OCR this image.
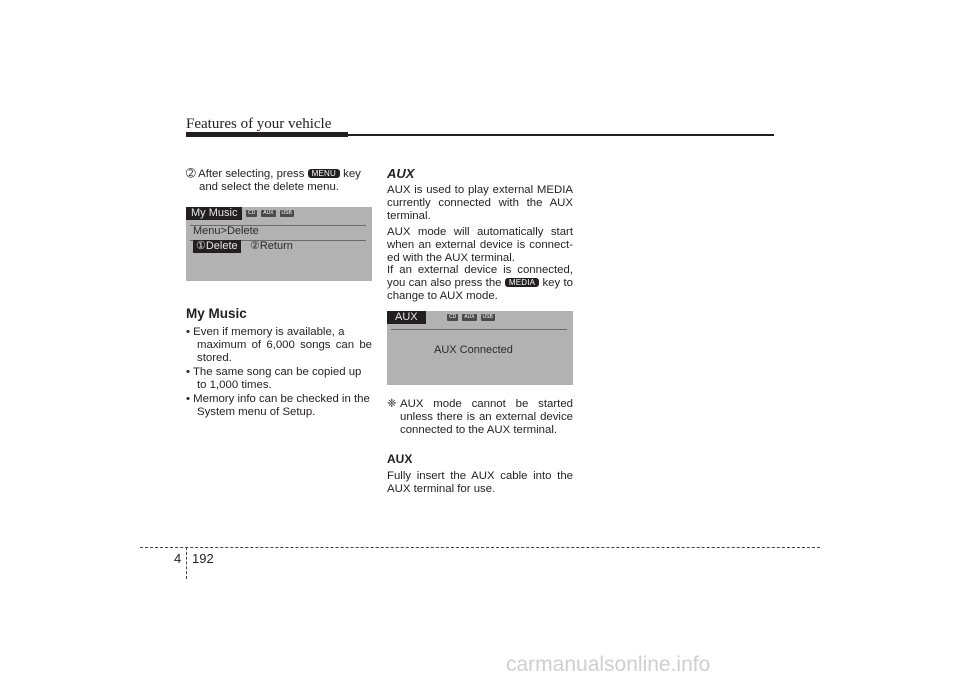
Features of your vehicle
➁ After selecting, press MENU key
and select the delete menu.
My Music	CD	AUX	USB
Menu>Delete
①Delete ②Return
My Music
• Even if memory is available, a
maximum of 6,000 songs can be stored.
• The same song can be copied up
to 1,000 times.
• Memory info can be checked in the
System menu of Setup.
AUX
AUX is used to play external MEDIA currently connected with the AUX terminal.
AUX mode will automatically start when an external device is connect- ed with the AUX terminal.
If an external device is connected, you can also press the MEDIA key to change to AUX mode.
AUX	CD	AUX	USB
AUX Connected
❈ AUX mode cannot be started unless there is an external device connected to the AUX terminal.
AUX
Fully insert the AUX cable into the AUX terminal for use.
4 192
carmanualsonline.info
